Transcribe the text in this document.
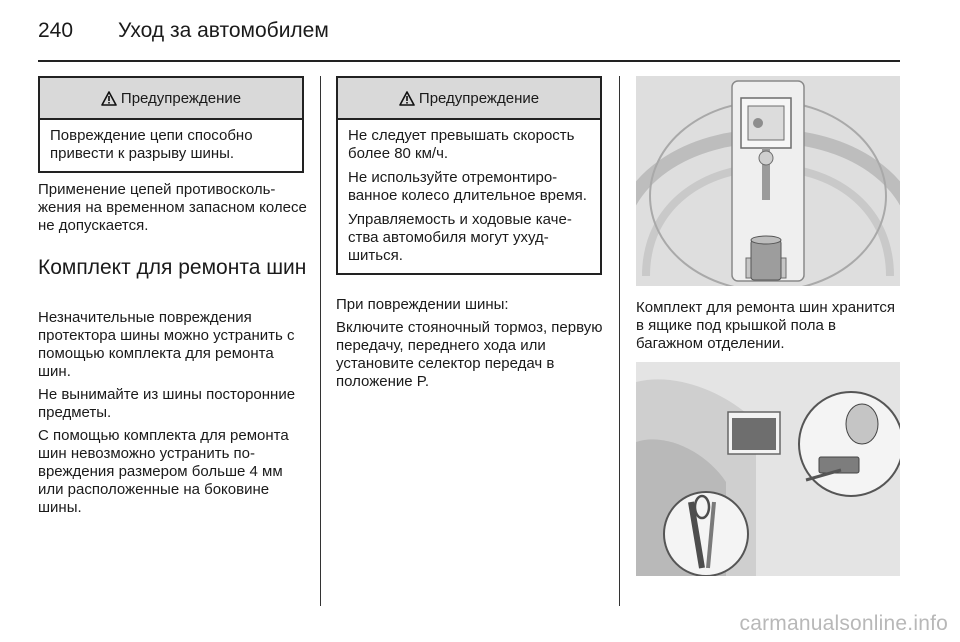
240 Уход за автомобилем
Предупреждение

Повреждение цепи способно привести к разрыву шины.

Применение цепей противоскольжения на временном запасном колесе не допускается.

Комплект для ремонта шин

Незначительные повреждения протектора шины можно устранить с помощью комплекта для ремонта шин.

Не вынимайте из шины посторонние предметы.

С помощью комплекта для ремонта шин невозможно устранить повреждения размером больше 4 мм или расположенные на боковине шины.

Предупреждение

Не следует превышать скорость более 80 км/ч.

Не используйте отремонтированное колесо длительное время.

Управляемость и ходовые качества автомобиля могут ухудшиться.

При повреждении шины:

Включите стояночный тормоз, первую передачу, переднего хода или установите селектор передач в положение P.

Комплект для ремонта шин хранится в ящике под крышкой пола в багажном отделении.

carmanualsonline.info
